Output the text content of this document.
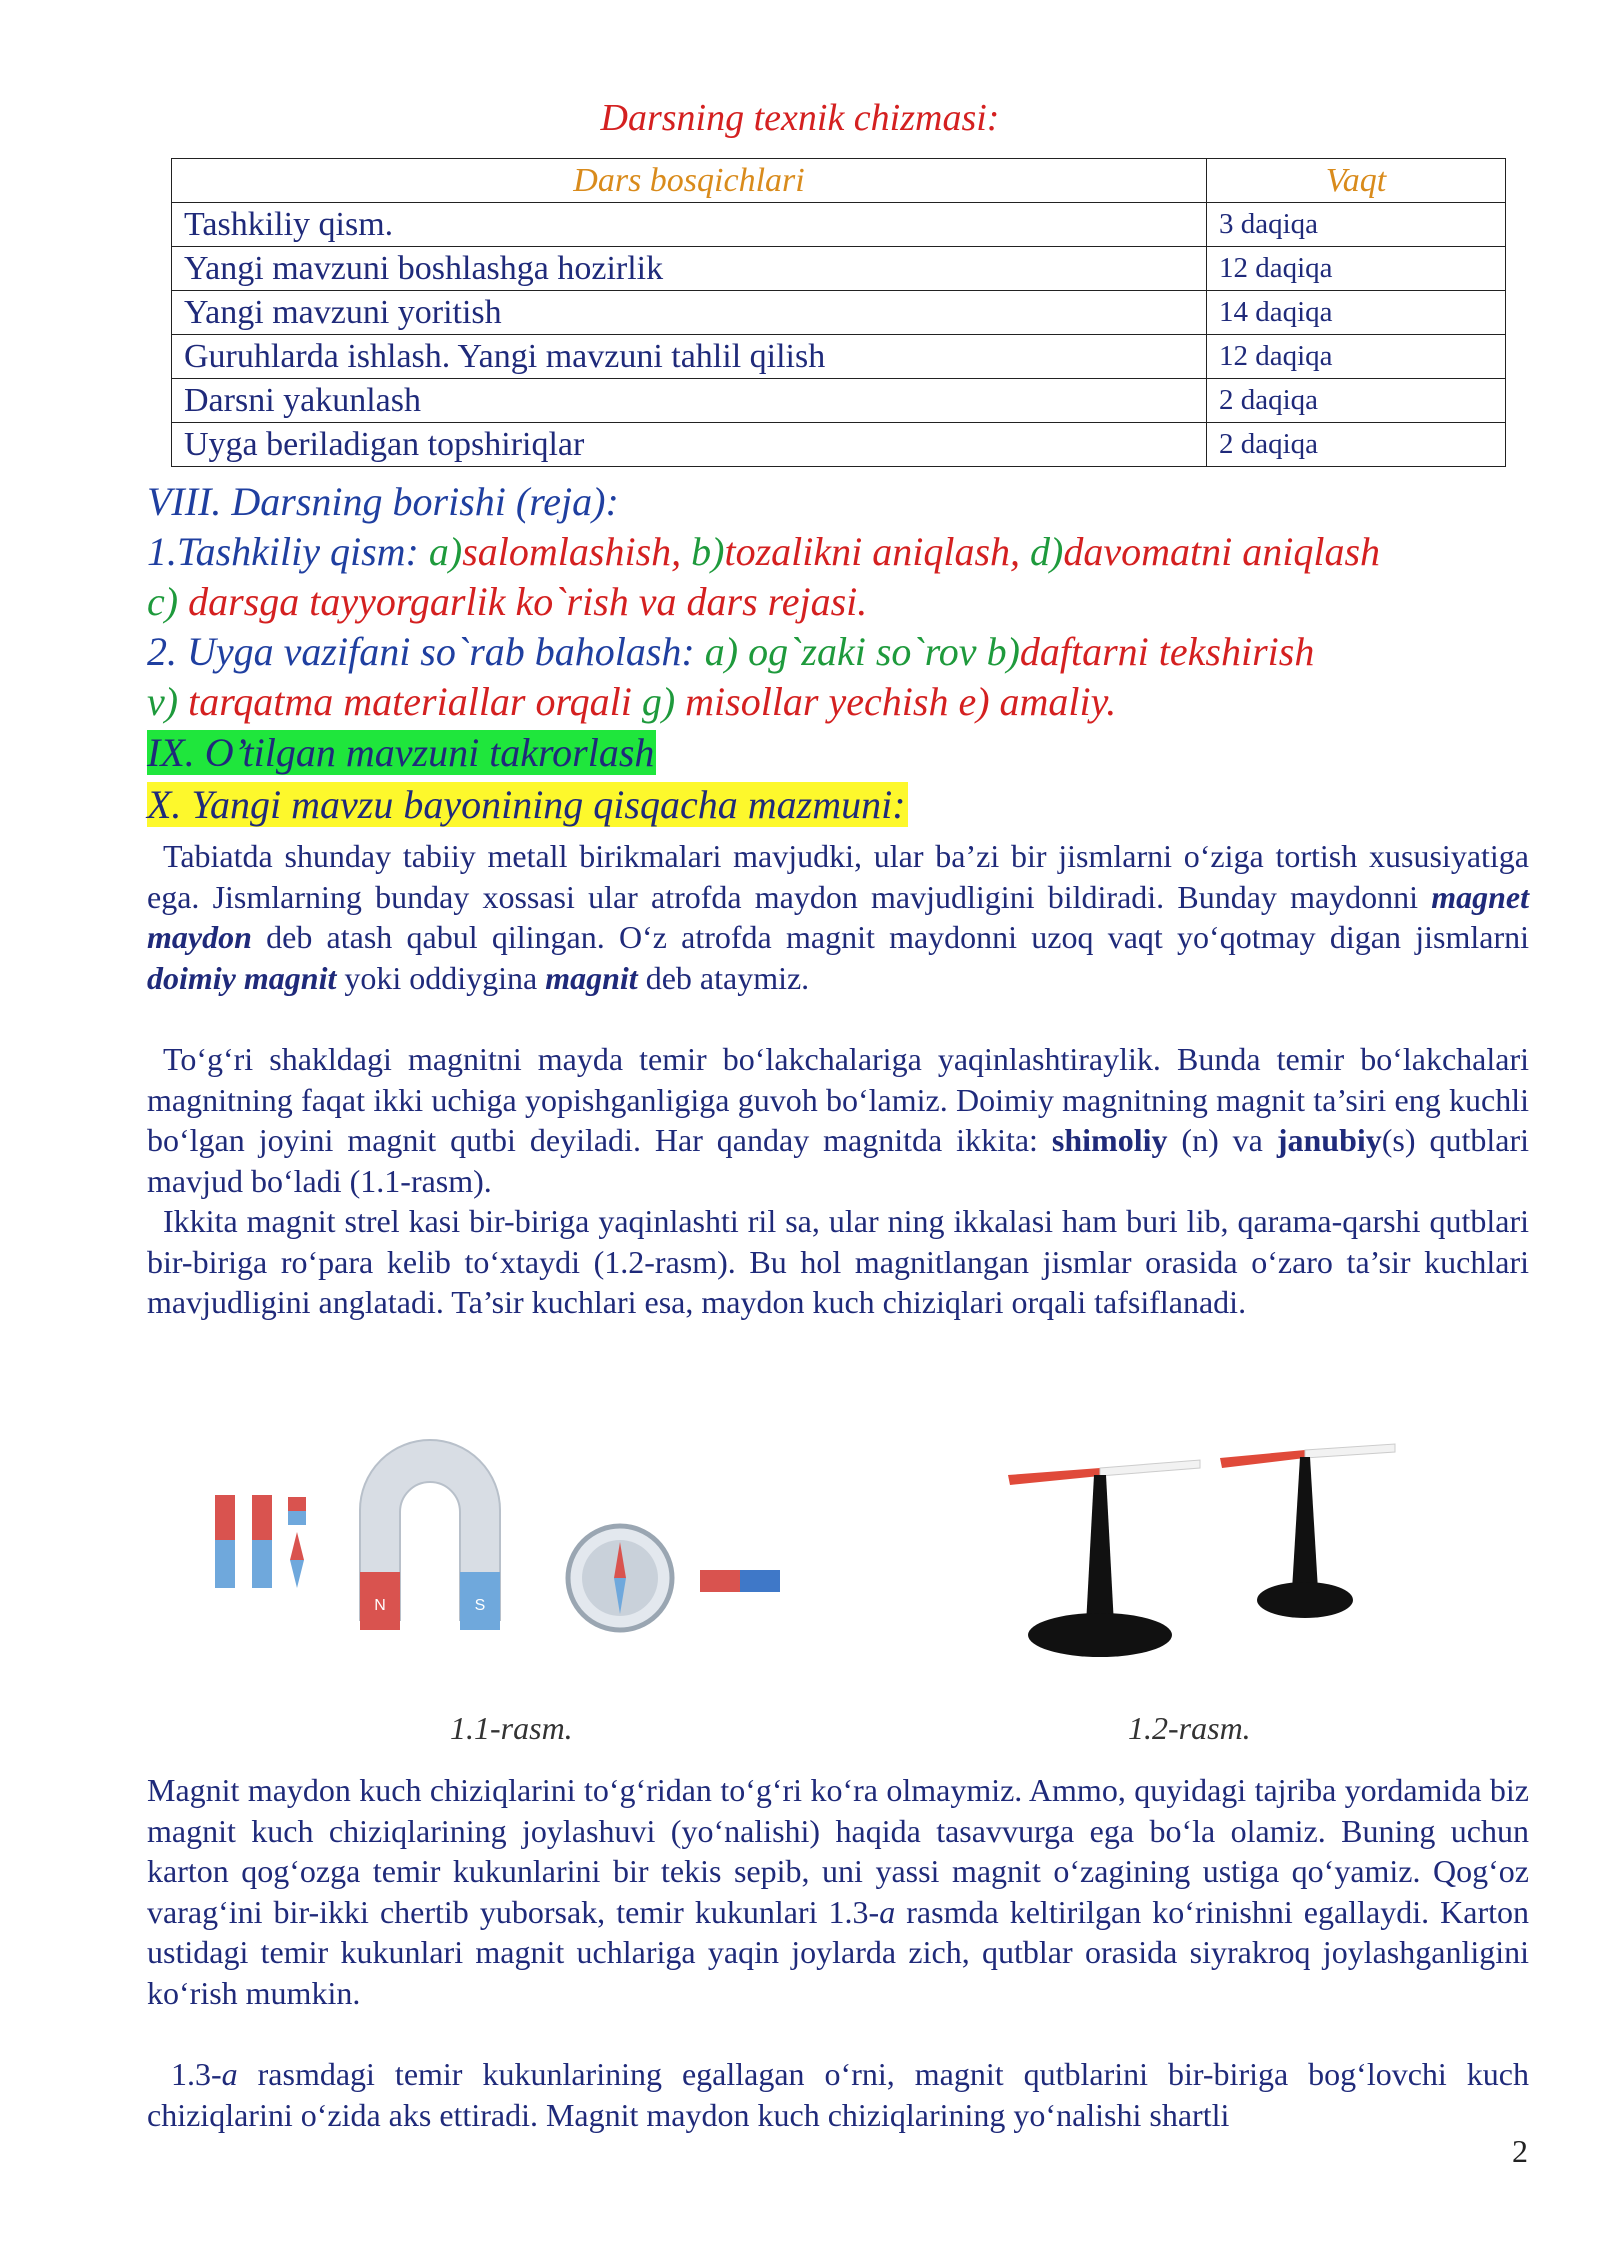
Darsning texnik chizmasi:
Dars bosqichlari	Vaqt
Tashkiliy qism.	3 daqiqa
Yangi mavzuni boshlashga hozirlik	12 daqiqa
Yangi mavzuni yoritish	14 daqiqa
Guruhlarda ishlash. Yangi mavzuni tahlil qilish	12 daqiqa
Darsni yakunlash	2 daqiqa
Uyga beriladigan topshiriqlar	2 daqiqa
VIII. Darsning borishi (reja):
1.Tashkiliy qism: a)salomlashish, b)tozalikni aniqlash, d)davomatni aniqlash
c) darsga tayyorgarlik ko`rish va dars rejasi.
2. Uyga vazifani so`rab baholash: a) og`zaki so`rov b)daftarni tekshirish
v) tarqatma materiallar orqali g) misollar yechish e) amaliy.
IX. O’tilgan mavzuni takrorlash
X. Yangi mavzu bayonining qisqacha mazmuni:
Tabiatda shunday tabiiy metall birikmalari mavjudki, ular ba’zi bir jismlarni o‘ziga tortish xususiyatiga ega. Jismlarning bunday xossasi ular atrofda maydon mavjudligini bildiradi. Bunday maydonni magnet maydon deb atash qabul qilingan. O‘z atrofda magnit maydonni uzoq vaqt yo‘qotmay digan jismlarni doimiy magnit yoki oddiygina magnit deb ataymiz.
To‘g‘ri shakldagi magnitni mayda temir bo‘lakchalariga yaqinlashtiraylik. Bunda temir bo‘lakchalari magnitning faqat ikki uchiga yopishganligiga guvoh bo‘lamiz. Doimiy magnitning magnit ta’siri eng kuchli bo‘lgan joyini magnit qutbi deyiladi. Har qanday magnitda ikkita: shimoliy (n) va janubiy(s) qutblari mavjud bo‘ladi (1.1-rasm).
Ikkita magnit strel kasi bir-biriga yaqinlashti ril sa, ular ning ikkalasi ham buri lib, qarama-qarshi qutblari bir-biriga ro‘para kelib to‘xtaydi (1.2-rasm). Bu hol magnitlangan jismlar orasida o‘zaro ta’sir kuchlari mavjudligini anglatadi. Ta’sir kuchlari esa, maydon kuch chiziqlari orqali tafsiflanadi.
N	S
1.1-rasm.	1.2-rasm.
Magnit maydon kuch chiziqlarini to‘g‘ridan to‘g‘ri ko‘ra olmaymiz. Ammo, quyidagi tajriba yordamida biz magnit kuch chiziqlarining joylashuvi (yo‘nalishi) haqida tasavvurga ega bo‘la olamiz. Buning uchun karton qog‘ozga temir kukunlarini bir tekis sepib, uni yassi magnit o‘zagining ustiga qo‘yamiz. Qog‘oz varag‘ini bir-ikki chertib yuborsak, temir kukunlari 1.3-a rasmda keltirilgan ko‘rinishni egallaydi. Karton ustidagi temir kukunlari magnit uchlariga yaqin joylarda zich, qutblar orasida siyrakroq joylashganligini ko‘rish mumkin.
1.3-a rasmdagi temir kukunlarining egallagan o‘rni, magnit qutblarini bir-biriga bog‘lovchi kuch chiziqlarini o‘zida aks ettiradi. Magnit maydon kuch chiziqlarining yo‘nalishi shartli
2
